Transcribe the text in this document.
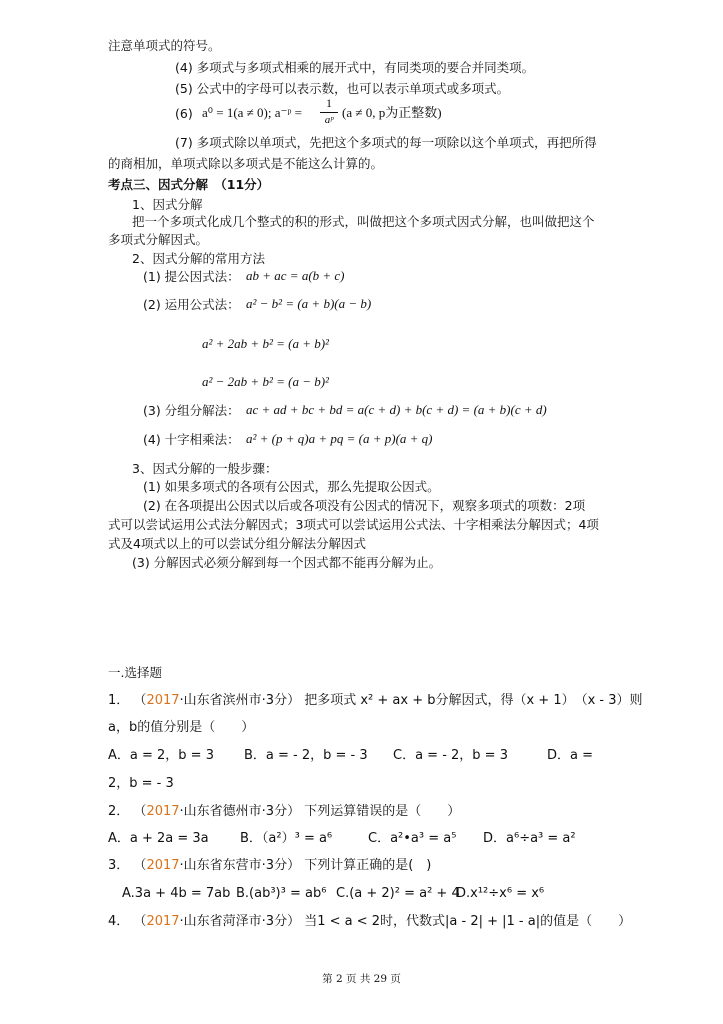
注意单项式的符号。
(4) 多项式与多项式相乘的展开式中，有同类项的要合并同类项。
(5) 公式中的字母可以表示数，也可以表示单项式或多项式。
(6) a⁰ = 1(a ≠ 0); a⁻ᵖ =
1
aᵖ (a ≠ 0, p为正整数)
(7) 多项式除以单项式，先把这个多项式的每一项除以这个单项式，再把所得
的商相加，单项式除以多项式是不能这么计算的。
考点三、因式分解　（11分）
1、因式分解
把一个多项式化成几个整式的积的形式，叫做把这个多项式因式分解，也叫做把这个
多项式分解因式。
2、因式分解的常用方法
(1) 提公因式法： ab + ac = a(b + c)
(2) 运用公式法： a² − b² = (a + b)(a − b)
a² + 2ab + b² = (a + b)²
a² − 2ab + b² = (a − b)²
(3) 分组分解法： ac + ad + bc + bd = a(c + d) + b(c + d) = (a + b)(c + d)
(4) 十字相乘法： a² + (p + q)a + pq = (a + p)(a + q)
3、因式分解的一般步骤：
(1) 如果多项式的各项有公因式，那么先提取公因式。
(2) 在各项提出公因式以后或各项没有公因式的情况下，观察多项式的项数：2项
式可以尝试运用公式法分解因式；3项式可以尝试运用公式法、十字相乘法分解因式；4项
式及4项式以上的可以尝试分组分解法分解因式
(3) 分解因式必须分解到每一个因式都不能再分解为止。
一.选择题
1． （2017·山东省滨州市·3分） 把多项式 x² + ax + b分解因式，得（x + 1）　（x - 3）则
a，b的值分别是（　　）
A．a = 2，b = 3 B．a = - 2，b = - 3 C．a = - 2，b = 3	D．a =
2，b = - 3
2． （2017·山东省德州市·3分） 下列运算错误的是（　　）
A．a + 2a = 3a B．（a²）³ = a⁶	C．a²•a³ = a⁵ D．a⁶÷a³ = a²
3． （2017·山东省东营市·3分） 下列计算正确的是(　)
A.3a + 4b = 7ab B.(ab³)³ = ab⁶ C.(a + 2)² = a² + 4
D.x¹²÷x⁶ = x⁶
4． （2017·山东省菏泽市·3分） 当1 < a < 2时，代数式|a - 2| + |1 - a|的值是（　　）
第 2 页 共 29 页
